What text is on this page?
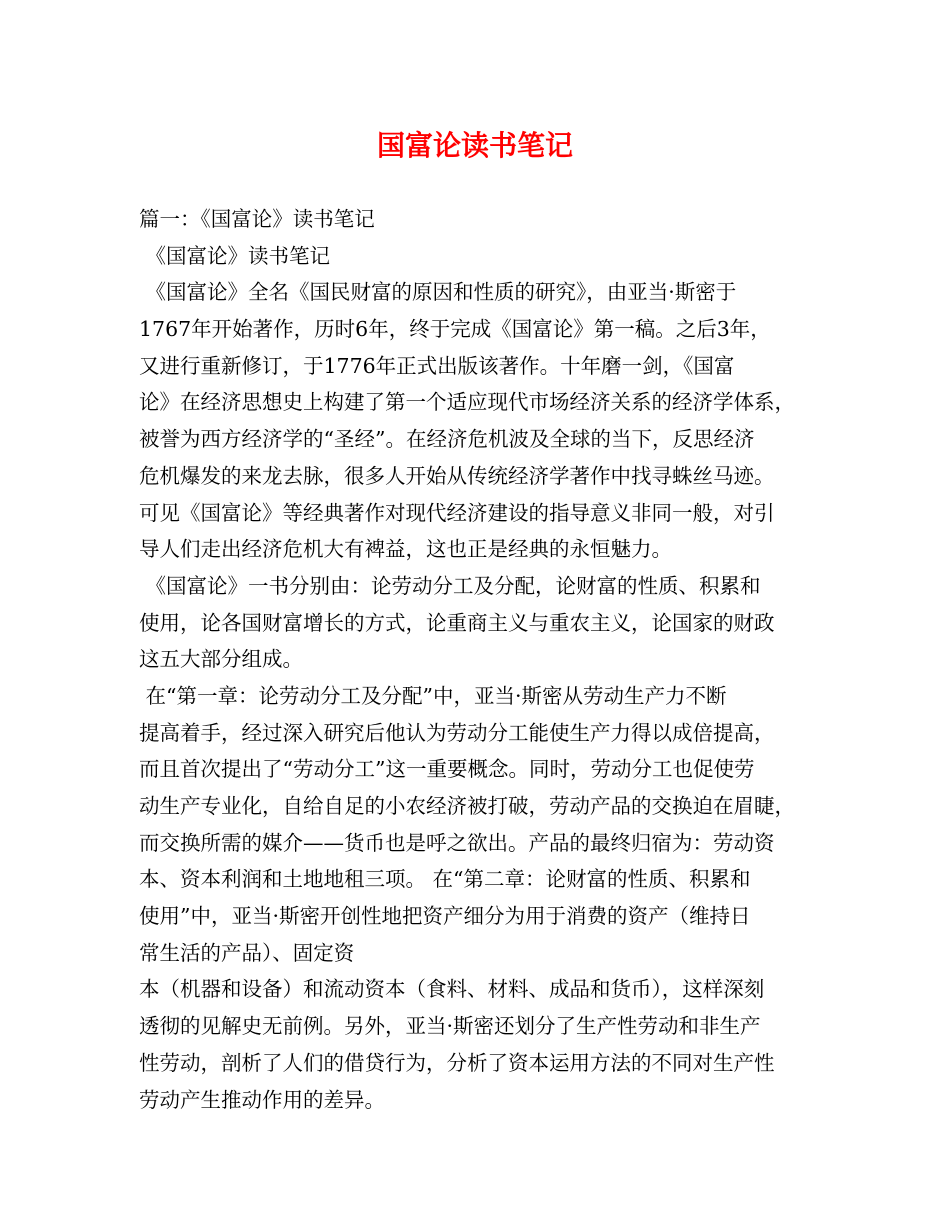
国富论读书笔记

篇一：《国富论》读书笔记

《国富论》读书笔记

《国富论》全名《国民财富的原因和性质的研究》，由亚当·斯密于

1767年开始著作，历时6年，终于完成《国富论》第一稿。之后3年，

又进行重新修订，于1776年正式出版该著作。十年磨一剑，《国富

论》在经济思想史上构建了第一个适应现代市场经济关系的经济学体系，

被誉为西方经济学的“圣经”。在经济危机波及全球的当下，反思经济

危机爆发的来龙去脉，很多人开始从传统经济学著作中找寻蛛丝马迹。

可见《国富论》等经典著作对现代经济建设的指导意义非同一般，对引

导人们走出经济危机大有裨益，这也正是经典的永恒魅力。

《国富论》一书分别由：论劳动分工及分配，论财富的性质、积累和

使用，论各国财富增长的方式，论重商主义与重农主义，论国家的财政

这五大部分组成。

在“第一章：论劳动分工及分配”中，亚当·斯密从劳动生产力不断

提高着手，经过深入研究后他认为劳动分工能使生产力得以成倍提高，

而且首次提出了“劳动分工”这一重要概念。同时，劳动分工也促使劳

动生产专业化，自给自足的小农经济被打破，劳动产品的交换迫在眉睫，

而交换所需的媒介——货币也是呼之欲出。产品的最终归宿为：劳动资

本、资本利润和土地地租三项。 在“第二章：论财富的性质、积累和

使用”中，亚当·斯密开创性地把资产细分为用于消费的资产（维持日

常生活的产品）、固定资

本（机器和设备）和流动资本（食料、材料、成品和货币），这样深刻

透彻的见解史无前例。另外，亚当·斯密还划分了生产性劳动和非生产

性劳动，剖析了人们的借贷行为，分析了资本运用方法的不同对生产性

劳动产生推动作用的差异。
